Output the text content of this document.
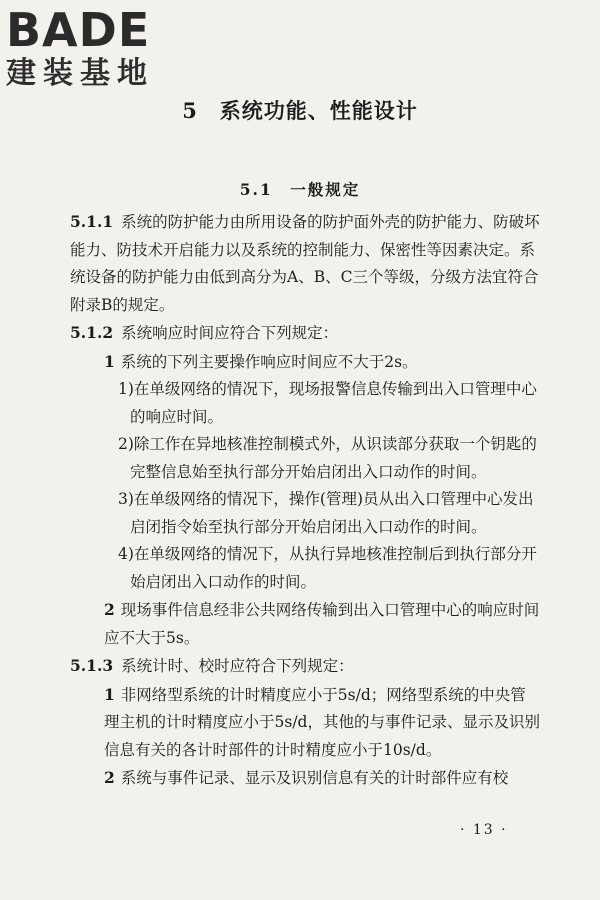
BADE
建装基地
5　系统功能、性能设计
5.1　一般规定

5.1.1 系统的防护能力由所用设备的防护面外壳的防护能力、防破坏能力、防技术开启能力以及系统的控制能力、保密性等因素决定。系统设备的防护能力由低到高分为A、B、C三个等级，分级方法宜符合附录B的规定。

5.1.2 系统响应时间应符合下列规定：

1 系统的下列主要操作响应时间应不大于2s。

1)在单级网络的情况下，现场报警信息传输到出入口管理中心的响应时间。

2)除工作在异地核准控制模式外，从识读部分获取一个钥匙的完整信息始至执行部分开始启闭出入口动作的时间。

3)在单级网络的情况下，操作(管理)员从出入口管理中心发出启闭指令始至执行部分开始启闭出入口动作的时间。

4)在单级网络的情况下，从执行异地核准控制后到执行部分开始启闭出入口动作的时间。

2 现场事件信息经非公共网络传输到出入口管理中心的响应时间应不大于5s。

5.1.3 系统计时、校时应符合下列规定：

1 非网络型系统的计时精度应小于5s/d；网络型系统的中央管理主机的计时精度应小于5s/d，其他的与事件记录、显示及识别信息有关的各计时部件的计时精度应小于10s/d。

2 系统与事件记录、显示及识别信息有关的计时部件应有校

· 13 ·
